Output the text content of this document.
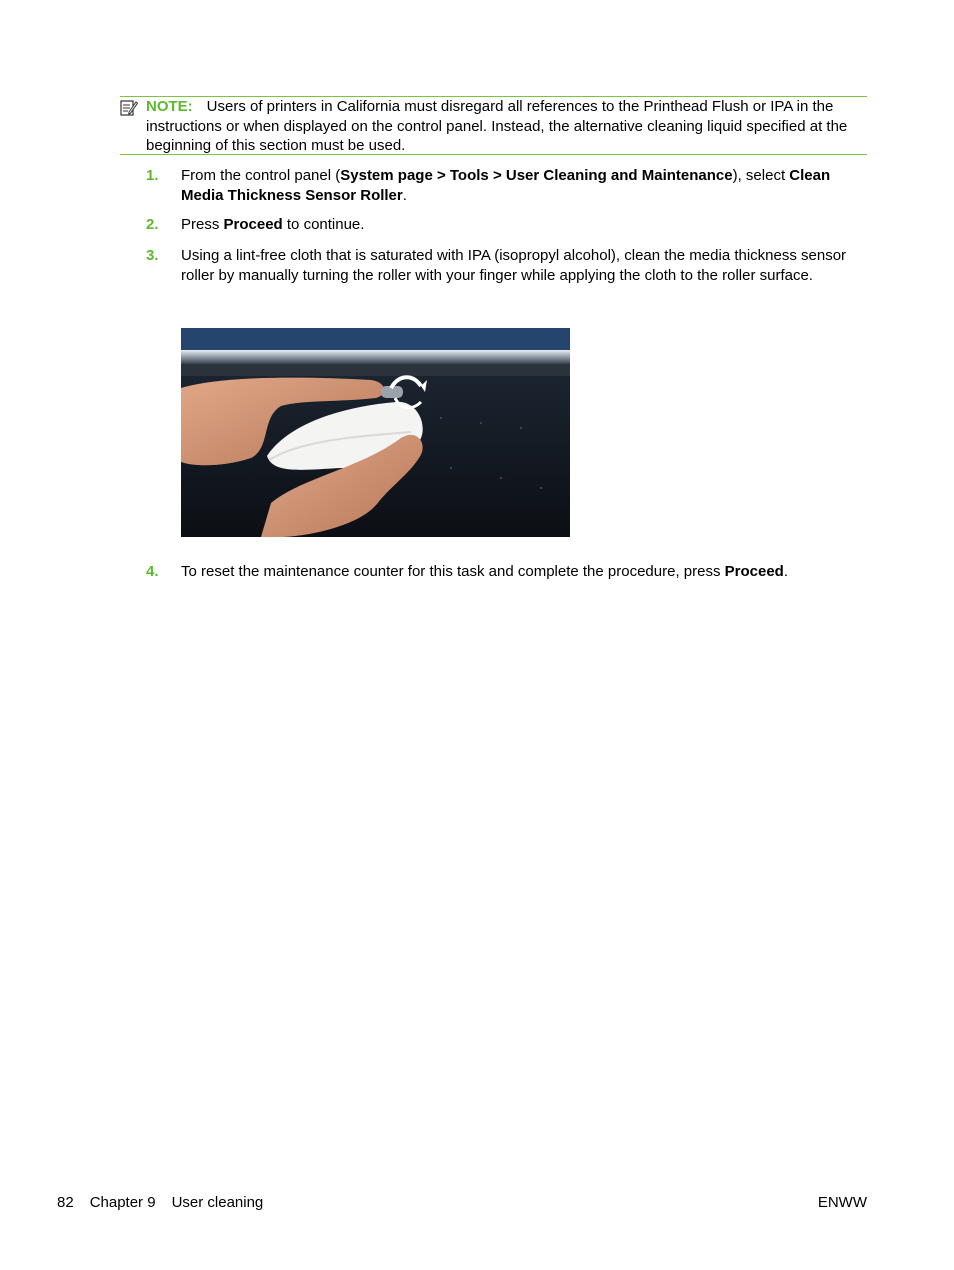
NOTE: Users of printers in California must disregard all references to the Printhead Flush or IPA in the instructions or when displayed on the control panel. Instead, the alternative cleaning liquid specified at the beginning of this section must be used.
1. From the control panel (System page > Tools > User Cleaning and Maintenance), select Clean Media Thickness Sensor Roller.
2. Press Proceed to continue.
3. Using a lint-free cloth that is saturated with IPA (isopropyl alcohol), clean the media thickness sensor roller by manually turning the roller with your finger while applying the cloth to the roller surface.
4. To reset the maintenance counter for this task and complete the procedure, press Proceed.
82 Chapter 9 User cleaning	ENWW
